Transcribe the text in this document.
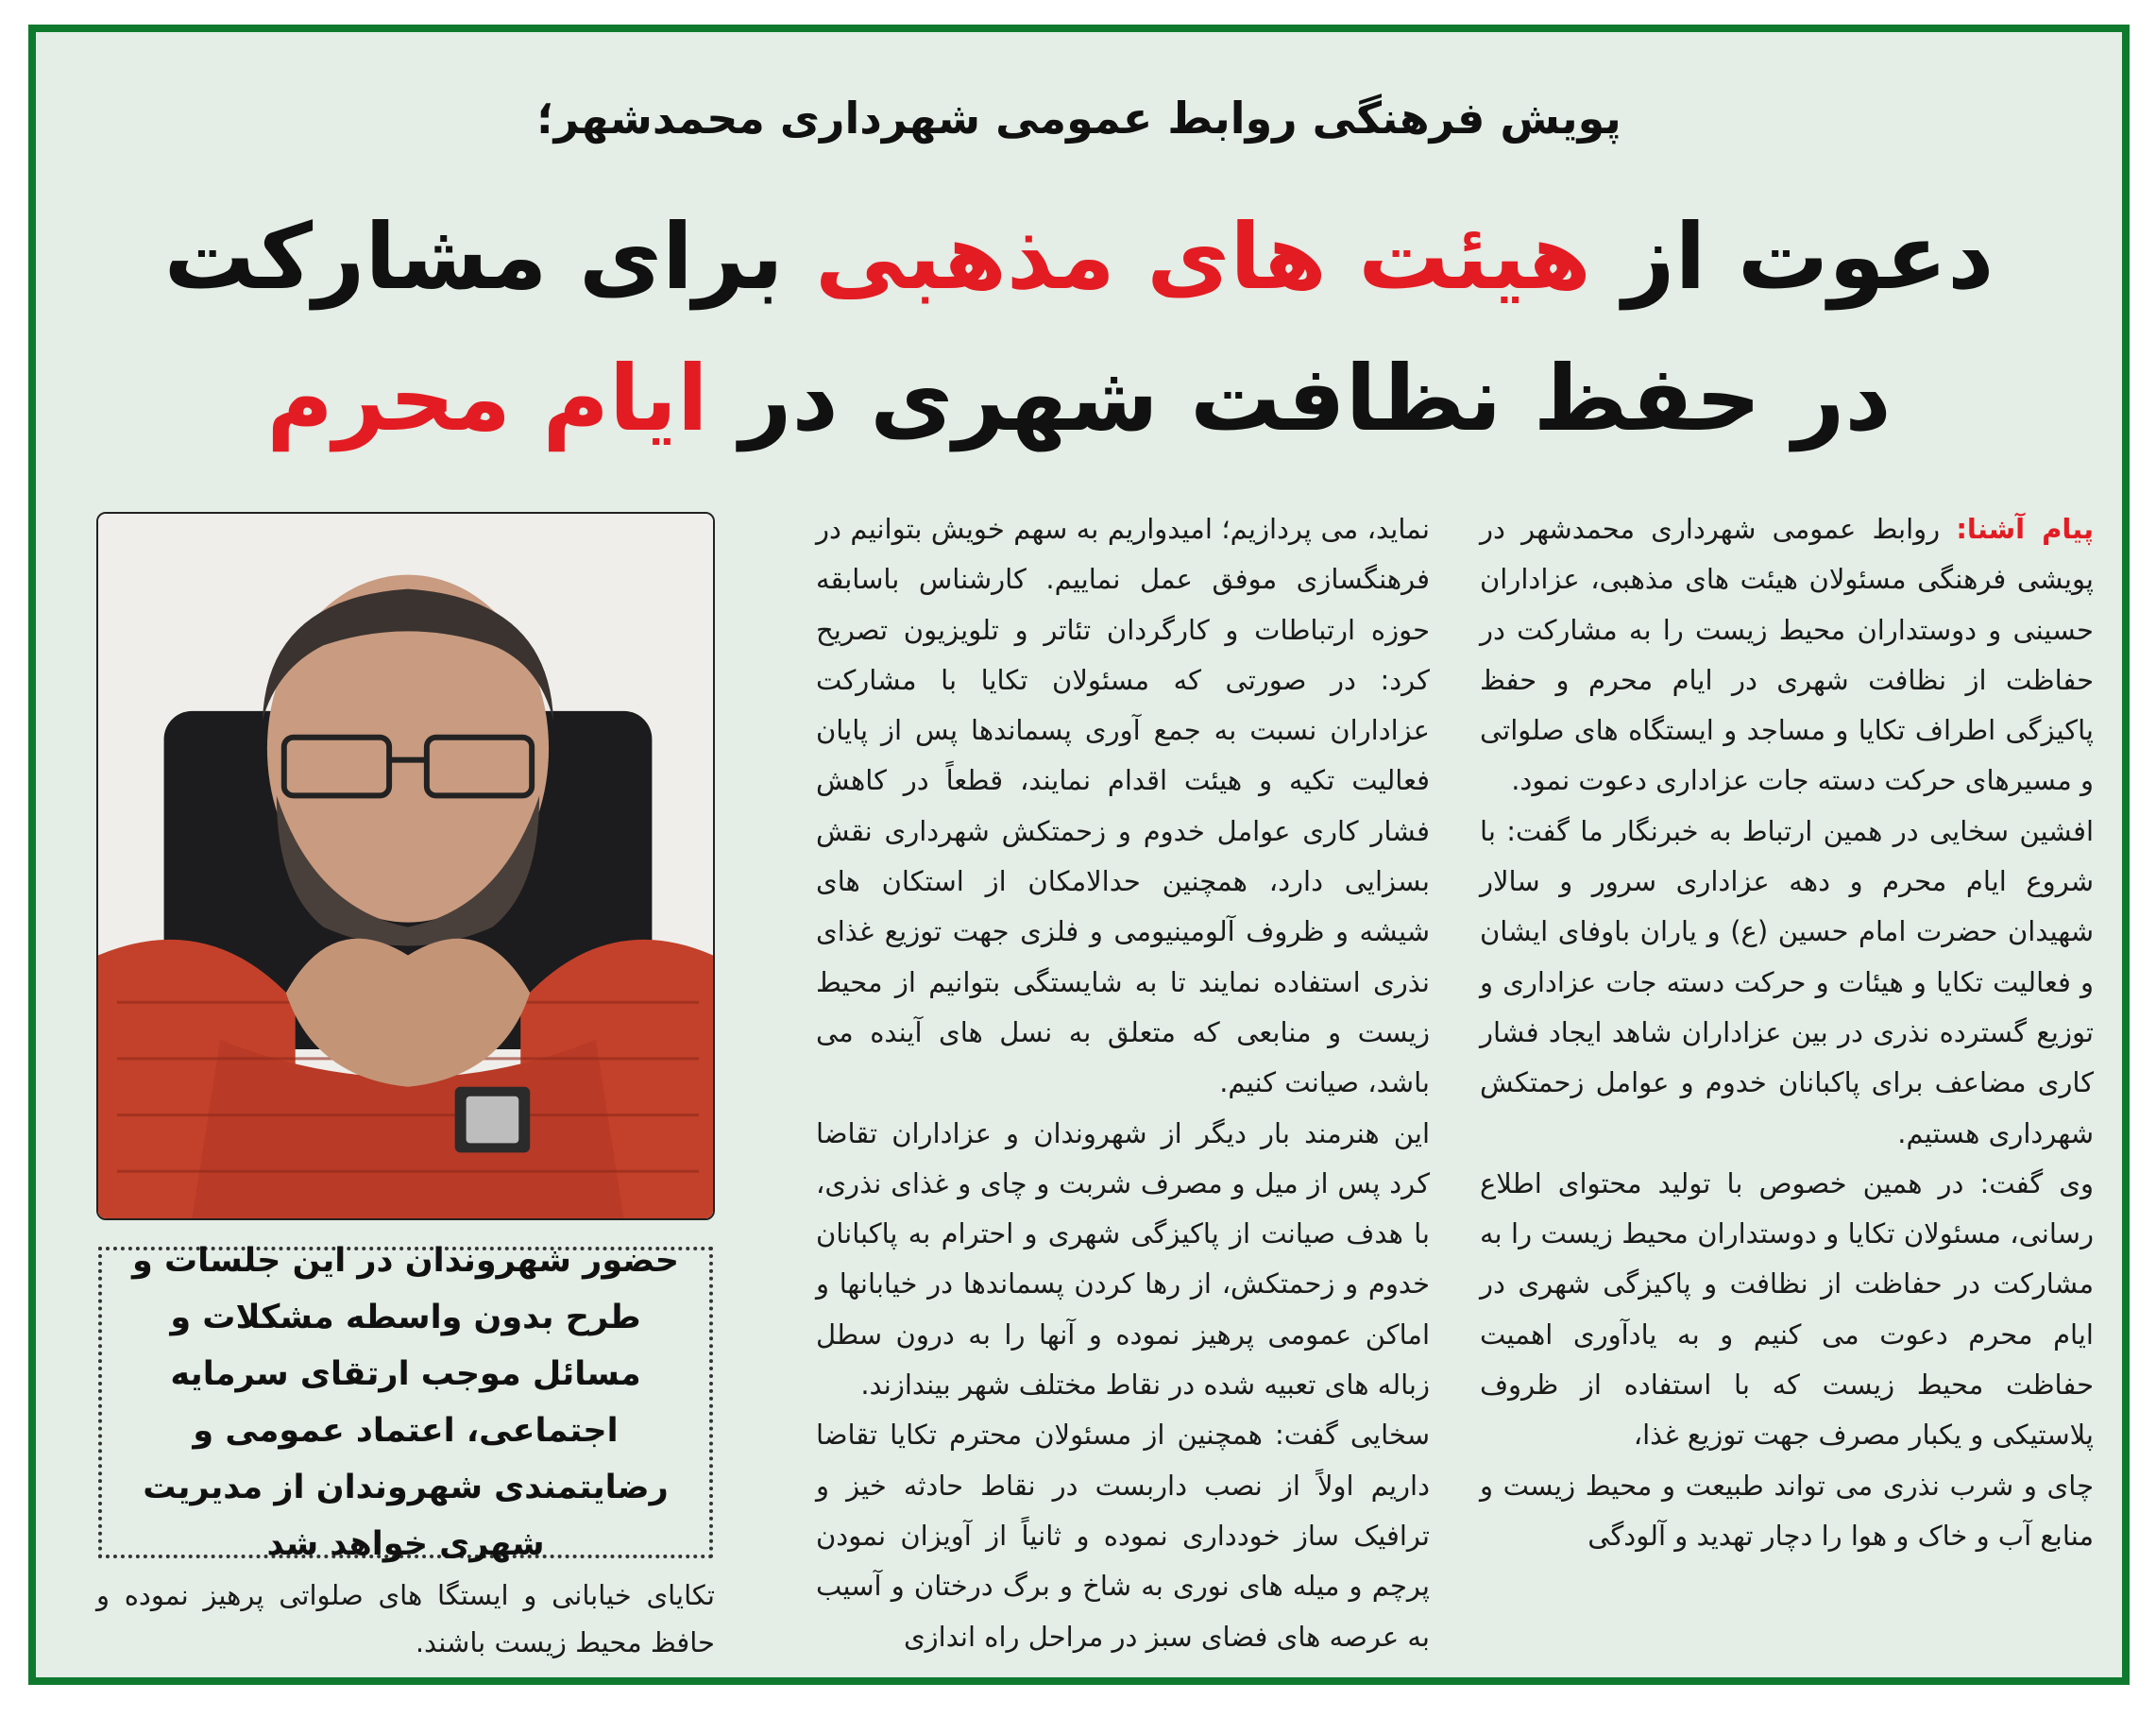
پویش فرهنگی روابط عمومی شهرداری محمدشهر؛
دعوت از هیئت های مذهبی برای مشارکت
در حفظ نظافت شهری در ایام محرم

پیام آشنا: روابط عمومی شهرداری محمدشهر در پویشی فرهنگی مسئولان هیئت های مذهبی، عزاداران حسینی و دوستداران محیط زیست را به مشارکت در حفاظت از نظافت شهری در ایام محرم و حفظ پاکیزگی اطراف تکایا و مساجد و ایستگاه های صلواتی و مسیرهای حرکت دسته جات عزاداری دعوت نمود.

افشین سخایی در همین ارتباط به خبرنگار ما گفت: با شروع ایام محرم و دهه عزاداری سرور و سالار شهیدان حضرت امام حسین (ع) و یاران باوفای ایشان و فعالیت تکایا و هیئات و حرکت دسته جات عزاداری و توزیع گسترده نذری در بین عزاداران شاهد ایجاد فشار کاری مضاعف برای پاکبانان خدوم و عوامل زحمتکش شهرداری هستیم.

وی گفت: در همین خصوص با تولید محتوای اطلاع رسانی، مسئولان تکایا و دوستداران محیط زیست را به مشارکت در حفاظت از نظافت و پاکیزگی شهری در ایام محرم دعوت می کنیم و به یادآوری اهمیت حفاظت محیط زیست که با استفاده از ظروف پلاستیکی و یکبار مصرف جهت توزیع غذا،

چای و شرب نذری می تواند طبیعت و محیط زیست و منابع آب و خاک و هوا را دچار تهدید و آلودگی

نماید، می پردازیم؛ امیدواریم به سهم خویش بتوانیم در فرهنگسازی موفق عمل نماییم. کارشناس باسابقه حوزه ارتباطات و کارگردان تئاتر و تلویزیون تصریح کرد: در صورتی که مسئولان تکایا با مشارکت عزاداران نسبت به جمع آوری پسماندها پس از پایان فعالیت تکیه و هیئت اقدام نمایند، قطعاً در کاهش فشار کاری عوامل خدوم و زحمتکش شهرداری نقش بسزایی دارد، همچنین حدالامکان از استکان های شیشه و ظروف آلومینیومی و فلزی جهت توزیع غذای نذری استفاده نمایند تا به شایستگی بتوانیم از محیط زیست و منابعی که متعلق به نسل های آینده می باشد، صیانت کنیم.

این هنرمند بار دیگر از شهروندان و عزاداران تقاضا کرد پس از میل و مصرف شربت و چای و غذای نذری، با هدف صیانت از پاکیزگی شهری و احترام به پاکبانان خدوم و زحمتکش، از رها کردن پسماندها در خیابانها و اماکن عمومی پرهیز نموده و آنها را به درون سطل زباله های تعبیه شده در نقاط مختلف شهر بیندازند.

سخایی گفت: همچنین از مسئولان محترم تکایا تقاضا داریم اولاً از نصب داربست در نقاط حادثه خیز و ترافیک ساز خودداری نموده و ثانیاً از آویزان نمودن پرچم و میله های نوری به شاخ و برگ درختان و آسیب به عرصه های فضای سبز در مراحل راه اندازی

حضور شهروندان در این جلسات و طرح بدون واسطه مشکلات و مسائل موجب ارتقای سرمایه اجتماعی، اعتماد عمومی و رضایتمندی شهروندان از مدیریت شهری خواهد شد
تکایای خیابانی و ایستگا های صلواتی پرهیز نموده و حافظ محیط زیست باشند.
